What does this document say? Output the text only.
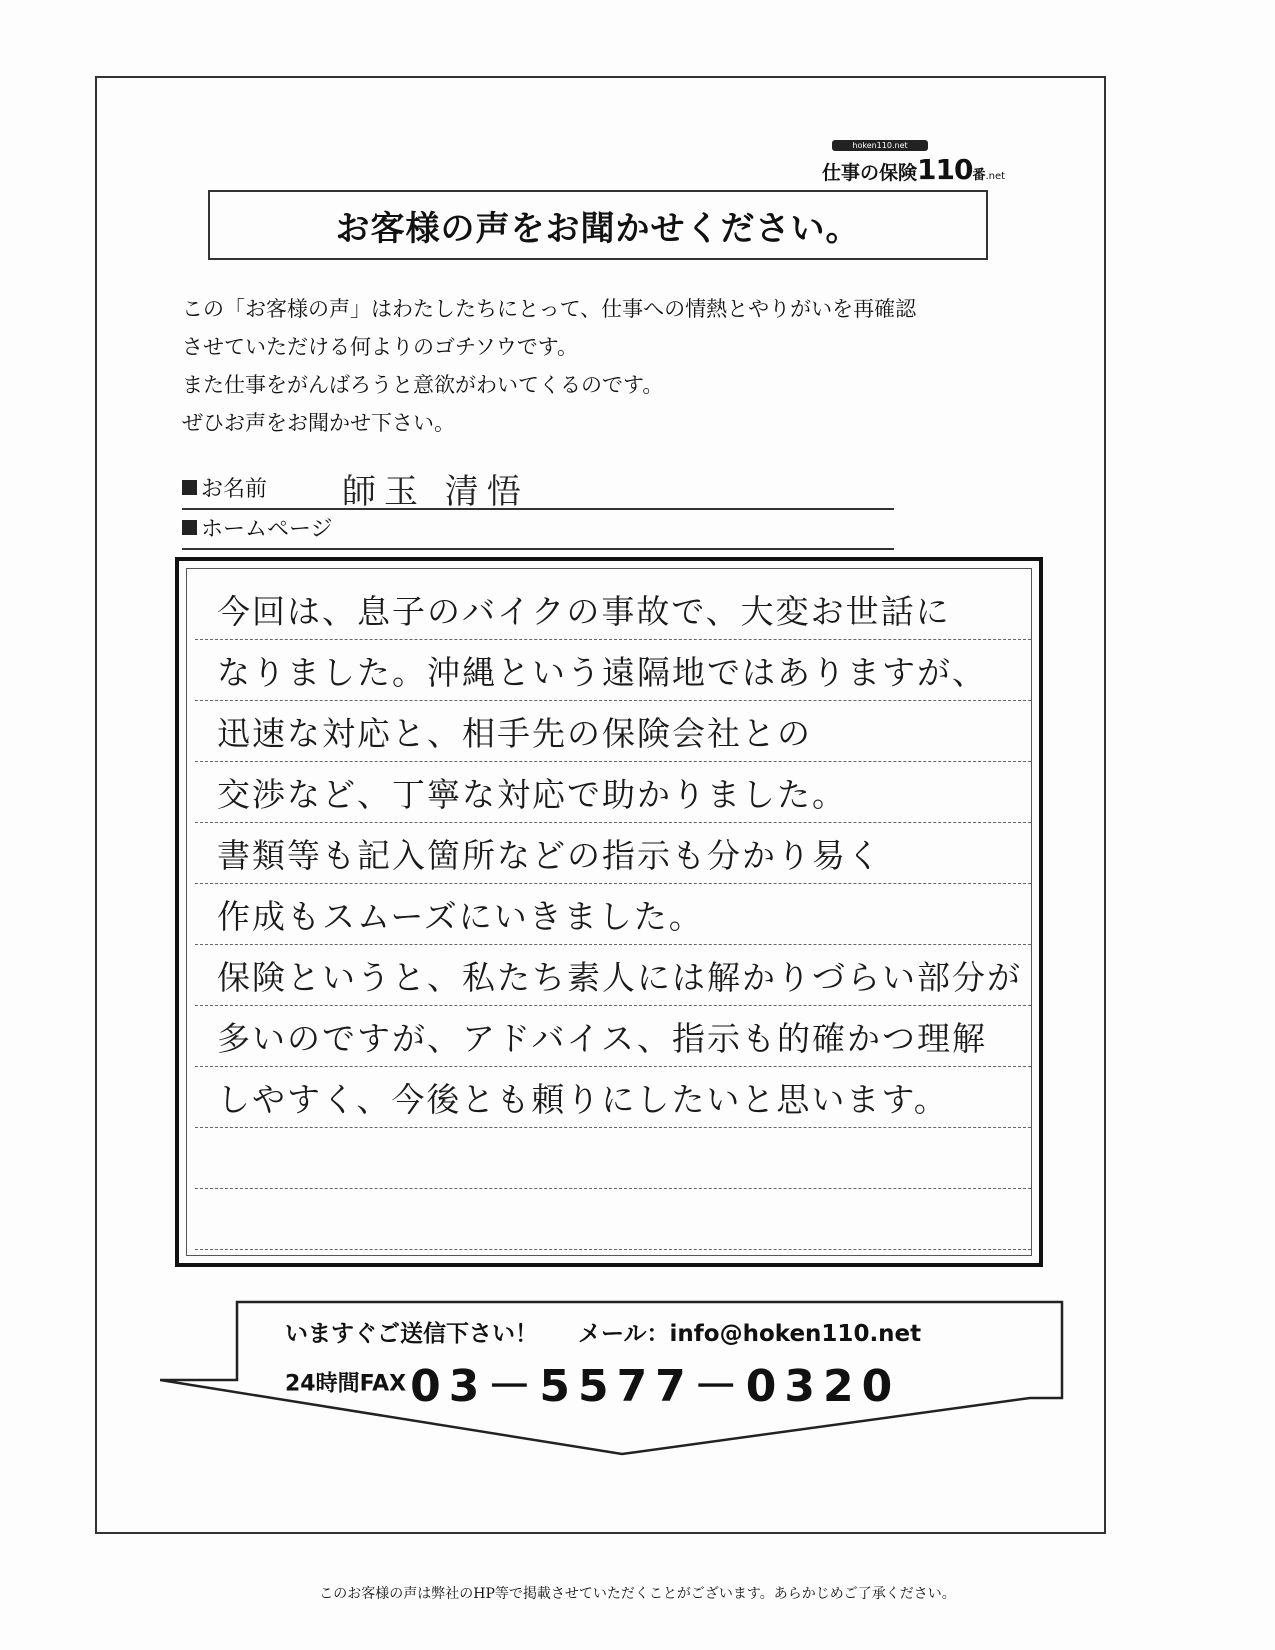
hoken110.net
仕事の保険110番.net
お客様の声をお聞かせください。
この「お客様の声」はわたしたちにとって、仕事への情熱とやりがいを再確認
させていただける何よりのゴチソウです。
また仕事をがんばろうと意欲がわいてくるのです。
ぜひお声をお聞かせ下さい。
お名前 師玉 清悟
ホームページ
今回は、息子のバイクの事故で、大変お世話に
なりました。沖縄という遠隔地ではありますが、
迅速な対応と、相手先の保険会社との
交渉など、丁寧な対応で助かりました。
書類等も記入箇所などの指示も分かり易く
作成もスムーズにいきました。
保険というと、私たち素人には解かりづらい部分が
多いのですが、アドバイス、指示も的確かつ理解
しやすく、今後とも頼りにしたいと思います。
いますぐご送信下さい！ メール：info@hoken110.net
24時間FAX03－5577－0320
このお客様の声は弊社のHP等で掲載させていただくことがございます。あらかじめご了承ください。
